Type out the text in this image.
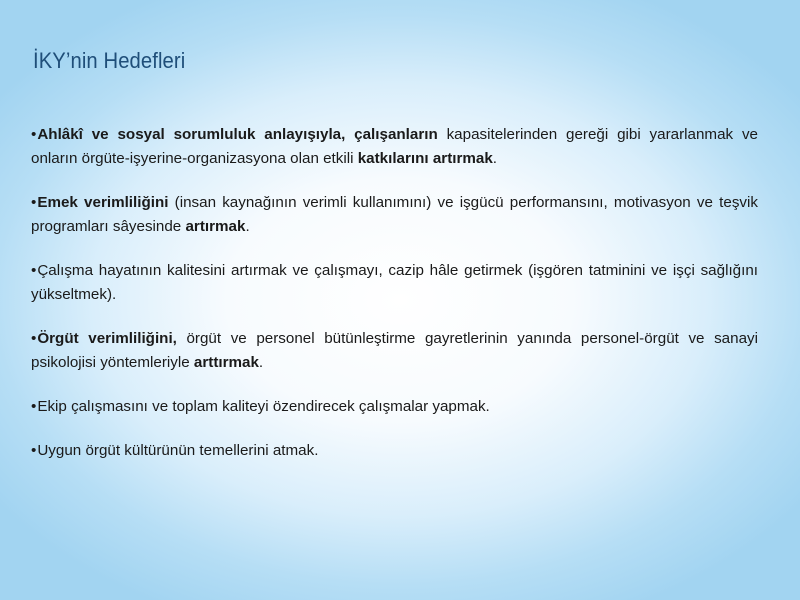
İKY’nin Hedefleri

•Ahlâkî ve sosyal sorumluluk anlayışıyla, çalışanların kapasitelerinden gereği gibi yararlanmak ve onların örgüte-işyerine-organizasyona olan etkili katkılarını artırmak.

•Emek verimliliğini (insan kaynağının verimli kullanımını) ve işgücü performansını, motivasyon ve teşvik programları sâyesinde artırmak.

•Çalışma hayatının kalitesini artırmak ve çalışmayı, cazip hâle getirmek (işgören tatminini ve işçi sağlığını yükseltmek).

•Örgüt verimliliğini, örgüt ve personel bütünleştirme gayretlerinin yanında personel-örgüt ve sanayi psikolojisi yöntemleriyle arttırmak.

•Ekip çalışmasını ve toplam kaliteyi özendirecek çalışmalar yapmak.

•Uygun örgüt kültürünün temellerini atmak.
